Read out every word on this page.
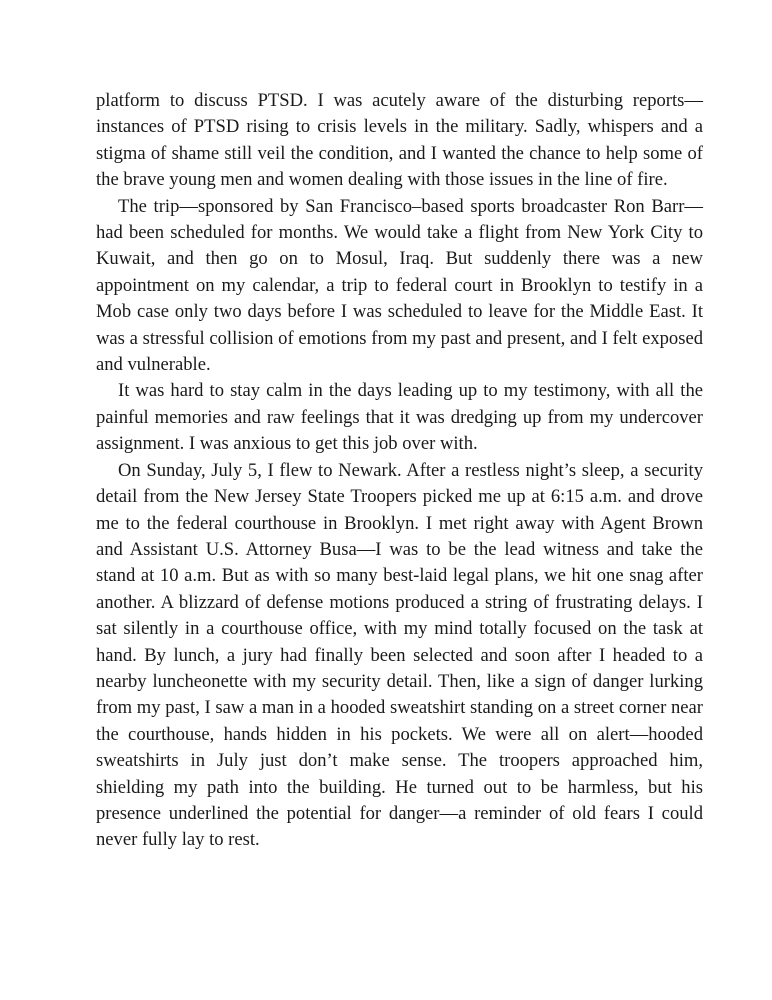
platform to discuss PTSD. I was acutely aware of the disturbing reports—instances of PTSD rising to crisis levels in the military. Sadly, whispers and a stigma of shame still veil the condition, and I wanted the chance to help some of the brave young men and women dealing with those issues in the line of fire.

The trip—sponsored by San Francisco–based sports broadcaster Ron Barr—had been scheduled for months. We would take a flight from New York City to Kuwait, and then go on to Mosul, Iraq. But suddenly there was a new appointment on my calendar, a trip to federal court in Brooklyn to testify in a Mob case only two days before I was scheduled to leave for the Middle East. It was a stressful collision of emotions from my past and present, and I felt exposed and vulnerable.

It was hard to stay calm in the days leading up to my testimony, with all the painful memories and raw feelings that it was dredging up from my undercover assignment. I was anxious to get this job over with.

On Sunday, July 5, I flew to Newark. After a restless night’s sleep, a security detail from the New Jersey State Troopers picked me up at 6:15 a.m. and drove me to the federal courthouse in Brooklyn. I met right away with Agent Brown and Assistant U.S. Attorney Busa—I was to be the lead witness and take the stand at 10 a.m. But as with so many best-laid legal plans, we hit one snag after another. A blizzard of defense motions produced a string of frustrating delays. I sat silently in a courthouse office, with my mind totally focused on the task at hand. By lunch, a jury had finally been selected and soon after I headed to a nearby luncheonette with my security detail. Then, like a sign of danger lurking from my past, I saw a man in a hooded sweatshirt standing on a street corner near the courthouse, hands hidden in his pockets. We were all on alert—hooded sweatshirts in July just don’t make sense. The troopers approached him, shielding my path into the building. He turned out to be harmless, but his presence underlined the potential for danger—a reminder of old fears I could never fully lay to rest.
